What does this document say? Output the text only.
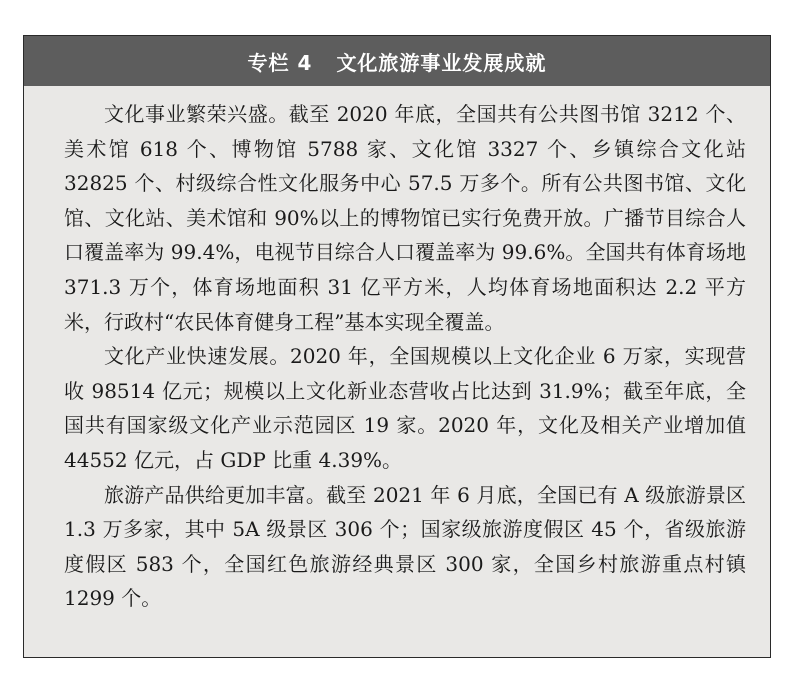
专栏 4 文化旅游事业发展成就

文化事业繁荣兴盛。截至 2020 年底，全国共有公共图书馆 3212 个、美术馆 618 个、博物馆 5788 家、文化馆 3327 个、乡镇综合文化站 32825 个、村级综合性文化服务中心 57.5 万多个。所有公共图书馆、文化馆、文化站、美术馆和 90%以上的博物馆已实行免费开放。广播节目综合人口覆盖率为 99.4%，电视节目综合人口覆盖率为 99.6%。全国共有体育场地 371.3 万个，体育场地面积 31 亿平方米，人均体育场地面积达 2.2 平方米，行政村“农民体育健身工程”基本实现全覆盖。

文化产业快速发展。2020 年，全国规模以上文化企业 6 万家，实现营收 98514 亿元；规模以上文化新业态营收占比达到 31.9%；截至年底，全国共有国家级文化产业示范园区 19 家。2020 年，文化及相关产业增加值 44552 亿元，占 GDP 比重 4.39%。

旅游产品供给更加丰富。截至 2021 年 6 月底，全国已有 A 级旅游景区 1.3 万多家，其中 5A 级景区 306 个；国家级旅游度假区 45 个，省级旅游度假区 583 个，全国红色旅游经典景区 300 家，全国乡村旅游重点村镇 1299 个。
